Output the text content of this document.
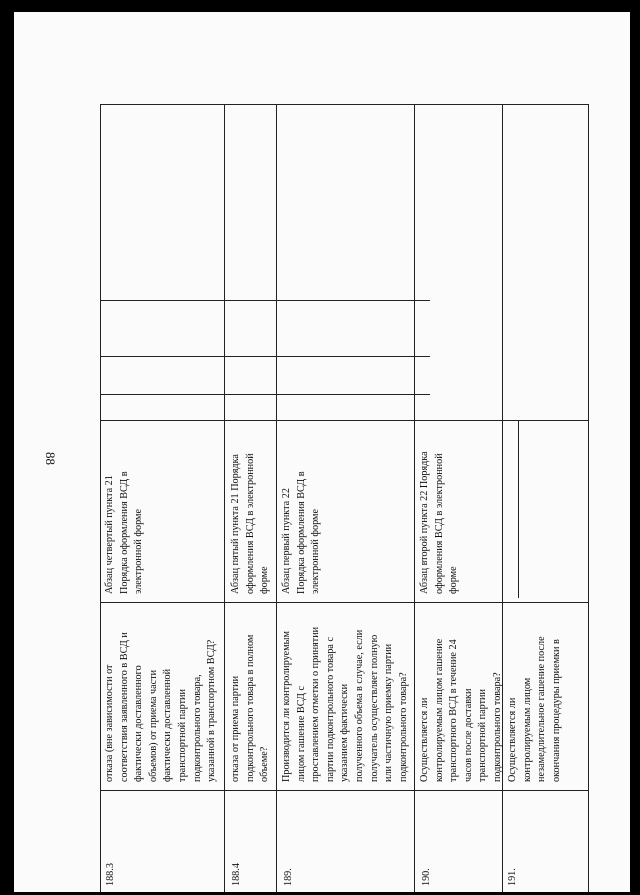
88
188.3
отказа (вне зависимости от
соответствия заявленного в ВСД и
фактически доставленного
объемов) от приема части
фактически доставленной
транспортной партии
подконтрольного товара,
указанной в транспортном ВСД?
Абзац четвертый пункта 21
Порядка оформления ВСД в
электронной форме
188.4
отказа от приема партии
подконтрольного товара в полном
объеме?
Абзац пятый пункта 21 Порядка
оформления ВСД в электронной
форме
189.
Производится ли контролируемым
лицом гашение ВСД с
проставлением отметки о принятии
партии подконтрольного товара с
указанием фактически
полученного объема в случае, если
получатель осуществляет полную
или частичную приемку партии
подконтрольного товара?
Абзац первый пункта 22
Порядка оформления ВСД в
электронной форме
190.
Осуществляется ли
контролируемым лицом гашение
транспортного ВСД в течение 24
часов после доставки
транспортной партии
подконтрольного товара?
Абзац второй пункта 22 Порядка
оформления ВСД в электронной
форме
191.
Осуществляется ли
контролируемым лицом
незамедлительное гашение после
окончания процедуры приемки в
